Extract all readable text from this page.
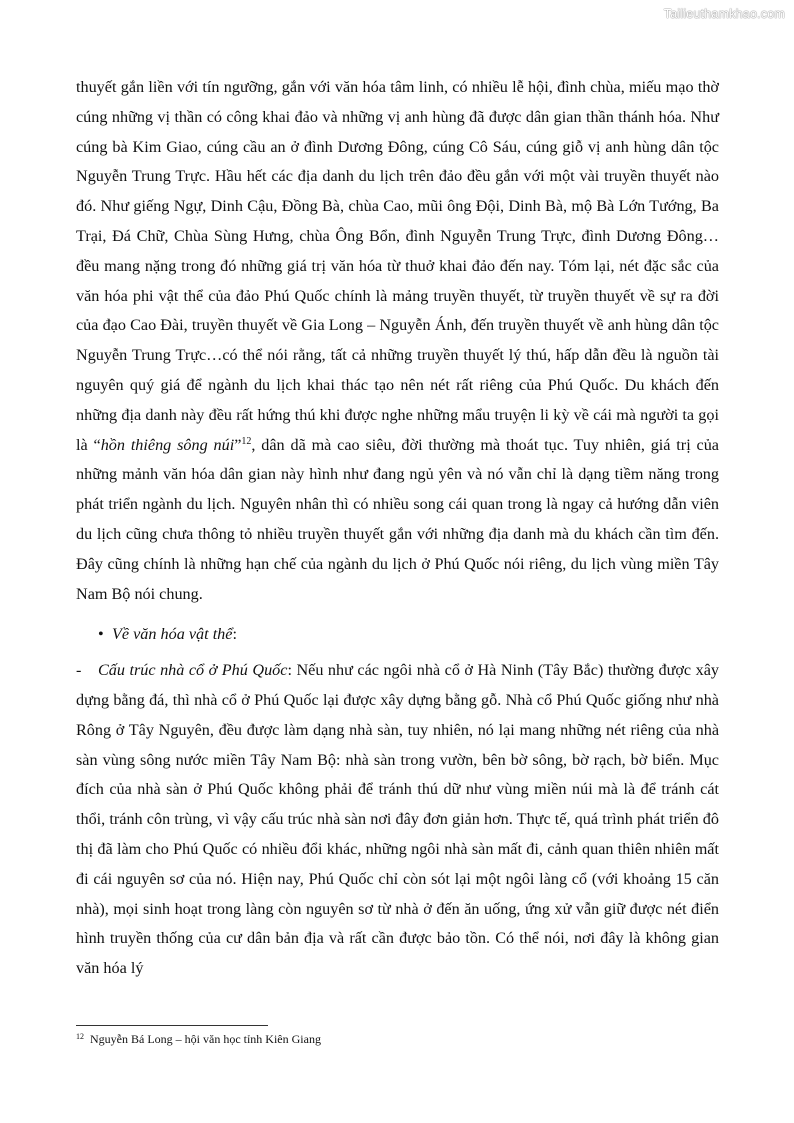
Tailieuthamkhao.com

thuyết gắn liền với tín ngưỡng, gắn với văn hóa tâm linh, có nhiều lễ hội, đình chùa, miếu mạo thờ cúng những vị thần có công khai đảo và những vị anh hùng đã được dân gian thần thánh hóa. Như cúng bà Kim Giao, cúng cầu an ở đình Dương Đông, cúng Cô Sáu, cúng giỗ vị anh hùng dân tộc Nguyễn Trung Trực. Hầu hết các địa danh du lịch trên đảo đều gắn với một vài truyền thuyết nào đó. Như giếng Ngự, Dinh Cậu, Đồng Bà, chùa Cao, mũi ông Đội, Dinh Bà, mộ Bà Lớn Tướng, Ba Trại, Đá Chữ, Chùa Sùng Hưng, chùa Ông Bổn, đình Nguyễn Trung Trực, đình Dương Đông… đều mang nặng trong đó những giá trị văn hóa từ thuở khai đảo đến nay. Tóm lại, nét đặc sắc của văn hóa phi vật thể của đảo Phú Quốc chính là mảng truyền thuyết, từ truyền thuyết về sự ra đời của đạo Cao Đài, truyền thuyết về Gia Long – Nguyễn Ánh, đến truyền thuyết về anh hùng dân tộc Nguyễn Trung Trực…có thể nói rằng, tất cả những truyền thuyết lý thú, hấp dẫn đều là nguồn tài nguyên quý giá để ngành du lịch khai thác tạo nên nét rất riêng của Phú Quốc. Du khách đến những địa danh này đều rất hứng thú khi được nghe những mẩu truyện li kỳ về cái mà người ta gọi là “hồn thiêng sông núi”$^{12}$, dân dã mà cao siêu, đời thường mà thoát tục. Tuy nhiên, giá trị của những mảnh văn hóa dân gian này hình như đang ngủ yên và nó vẫn chỉ là dạng tiềm năng trong phát triển ngành du lịch. Nguyên nhân thì có nhiều song cái quan trong là ngay cả hướng dẫn viên du lịch cũng chưa thông tỏ nhiều truyền thuyết gắn với những địa danh mà du khách cần tìm đến. Đây cũng chính là những hạn chế của ngành du lịch ở Phú Quốc nói riêng, du lịch vùng miền Tây Nam Bộ nói chung.

• Về văn hóa vật thể:

- Cấu trúc nhà cổ ở Phú Quốc: Nếu như các ngôi nhà cổ ở Hà Ninh (Tây Bắc) thường được xây dựng bằng đá, thì nhà cổ ở Phú Quốc lại được xây dựng bằng gỗ. Nhà cổ Phú Quốc giống như nhà Rông ở Tây Nguyên, đều được làm dạng nhà sàn, tuy nhiên, nó lại mang những nét riêng của nhà sàn vùng sông nước miền Tây Nam Bộ: nhà sàn trong vườn, bên bờ sông, bờ rạch, bờ biển. Mục đích của nhà sàn ở Phú Quốc không phải để tránh thú dữ như vùng miền núi mà là để tránh cát thổi, tránh côn trùng, vì vậy cấu trúc nhà sàn nơi đây đơn giản hơn. Thực tế, quá trình phát triển đô thị đã làm cho Phú Quốc có nhiều đổi khác, những ngôi nhà sàn mất đi, cảnh quan thiên nhiên mất đi cái nguyên sơ của nó. Hiện nay, Phú Quốc chỉ còn sót lại một ngôi làng cổ (với khoảng 15 căn nhà), mọi sinh hoạt trong làng còn nguyên sơ từ nhà ở đến ăn uống, ứng xử vẫn giữ được nét điển hình truyền thống của cư dân bản địa và rất cần được bảo tồn. Có thể nói, nơi đây là không gian văn hóa lý

$^{12}$ Nguyễn Bá Long – hội văn học tỉnh Kiên Giang
